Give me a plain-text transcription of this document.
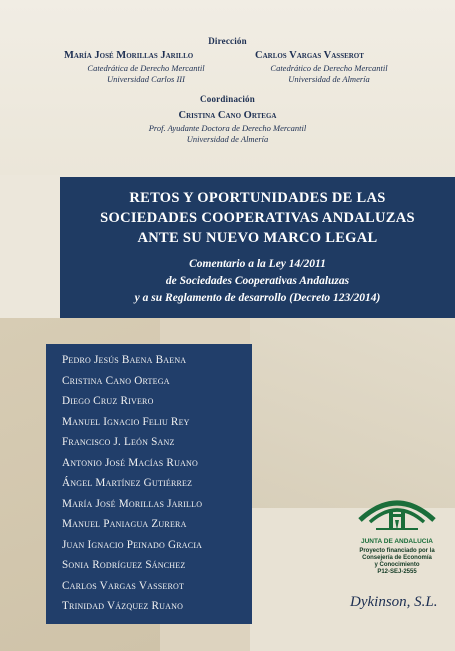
Dirección
María José Morillas Jarillo
Catedrática de Derecho Mercantil
Universidad Carlos III
Carlos Vargas Vasserot
Catedrático de Derecho Mercantil
Universidad de Almería
Coordinación
Cristina Cano Ortega
Prof. Ayudante Doctora de Derecho Mercantil
Universidad de Almería
RETOS Y OPORTUNIDADES DE LAS
SOCIEDADES COOPERATIVAS ANDALUZAS
ANTE SU NUEVO MARCO LEGAL
Comentario a la Ley 14/2011
de Sociedades Cooperativas Andaluzas
y a su Reglamento de desarrollo (Decreto 123/2014)
Pedro Jesús Baena Baena
Cristina Cano Ortega
Diego Cruz Rivero
Manuel Ignacio Feliu Rey
Francisco J. León Sanz
Antonio José Macías Ruano
Ángel Martínez Gutiérrez
María José Morillas Jarillo
Manuel Paniagua Zurera
Juan Ignacio Peinado Gracia
Sonia Rodríguez Sánchez
Carlos Vargas Vasserot
Trinidad Vázquez Ruano
JUNTA DE ANDALUCIA
Proyecto financiado por la
Consejería de Economía
y Conocimiento
P12-SEJ-2555
Dykinson, S.L.
